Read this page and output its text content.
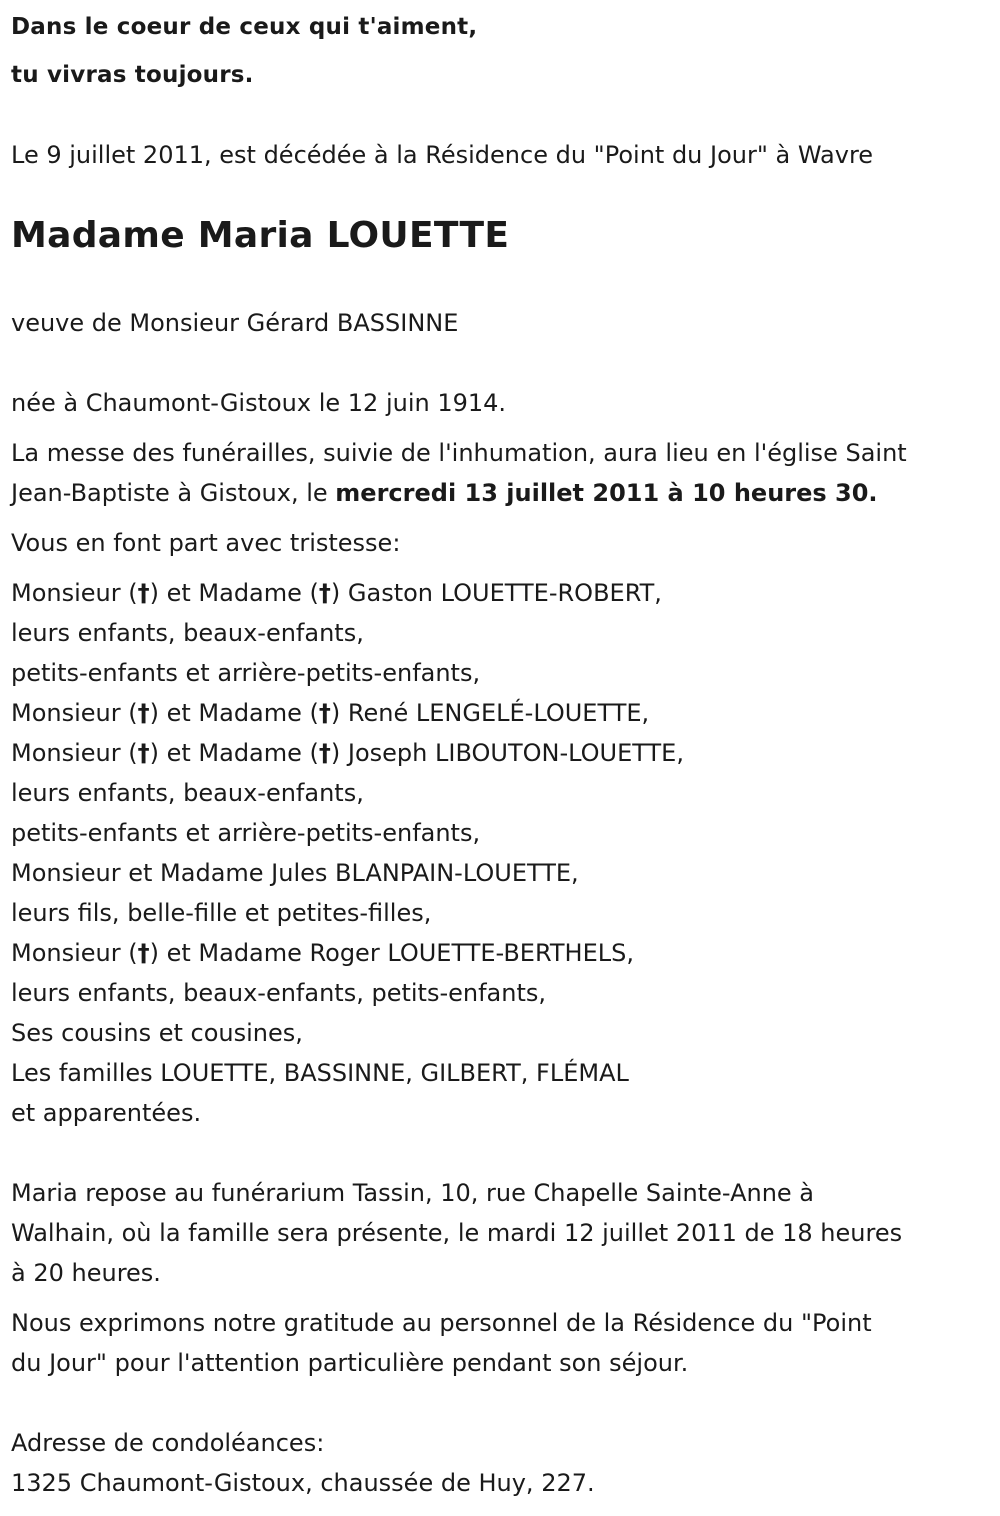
Dans le coeur de ceux qui t'aiment,
tu vivras toujours.
Le 9 juillet 2011, est décédée à la Résidence du "Point du Jour" à Wavre
Madame Maria LOUETTE
veuve de Monsieur Gérard BASSINNE
née à Chaumont-Gistoux le 12 juin 1914.
La messe des funérailles, suivie de l'inhumation, aura lieu en l'église Saint
Jean-Baptiste à Gistoux, le mercredi 13 juillet 2011 à 10 heures 30.
Vous en font part avec tristesse:
Monsieur (†) et Madame (†) Gaston LOUETTE-ROBERT,
leurs enfants, beaux-enfants,
petits-enfants et arrière-petits-enfants,
Monsieur (†) et Madame (†) René LENGELÉ-LOUETTE,
Monsieur (†) et Madame (†) Joseph LIBOUTON-LOUETTE,
leurs enfants, beaux-enfants,
petits-enfants et arrière-petits-enfants,
Monsieur et Madame Jules BLANPAIN-LOUETTE,
leurs fils, belle-fille et petites-filles,
Monsieur (†) et Madame Roger LOUETTE-BERTHELS,
leurs enfants, beaux-enfants, petits-enfants,
Ses cousins et cousines,
Les familles LOUETTE, BASSINNE, GILBERT, FLÉMAL
et apparentées.
Maria repose au funérarium Tassin, 10, rue Chapelle Sainte-Anne à
Walhain, où la famille sera présente, le mardi 12 juillet 2011 de 18 heures
à 20 heures.
Nous exprimons notre gratitude au personnel de la Résidence du "Point
du Jour" pour l'attention particulière pendant son séjour.
Adresse de condoléances:
1325 Chaumont-Gistoux, chaussée de Huy, 227.
